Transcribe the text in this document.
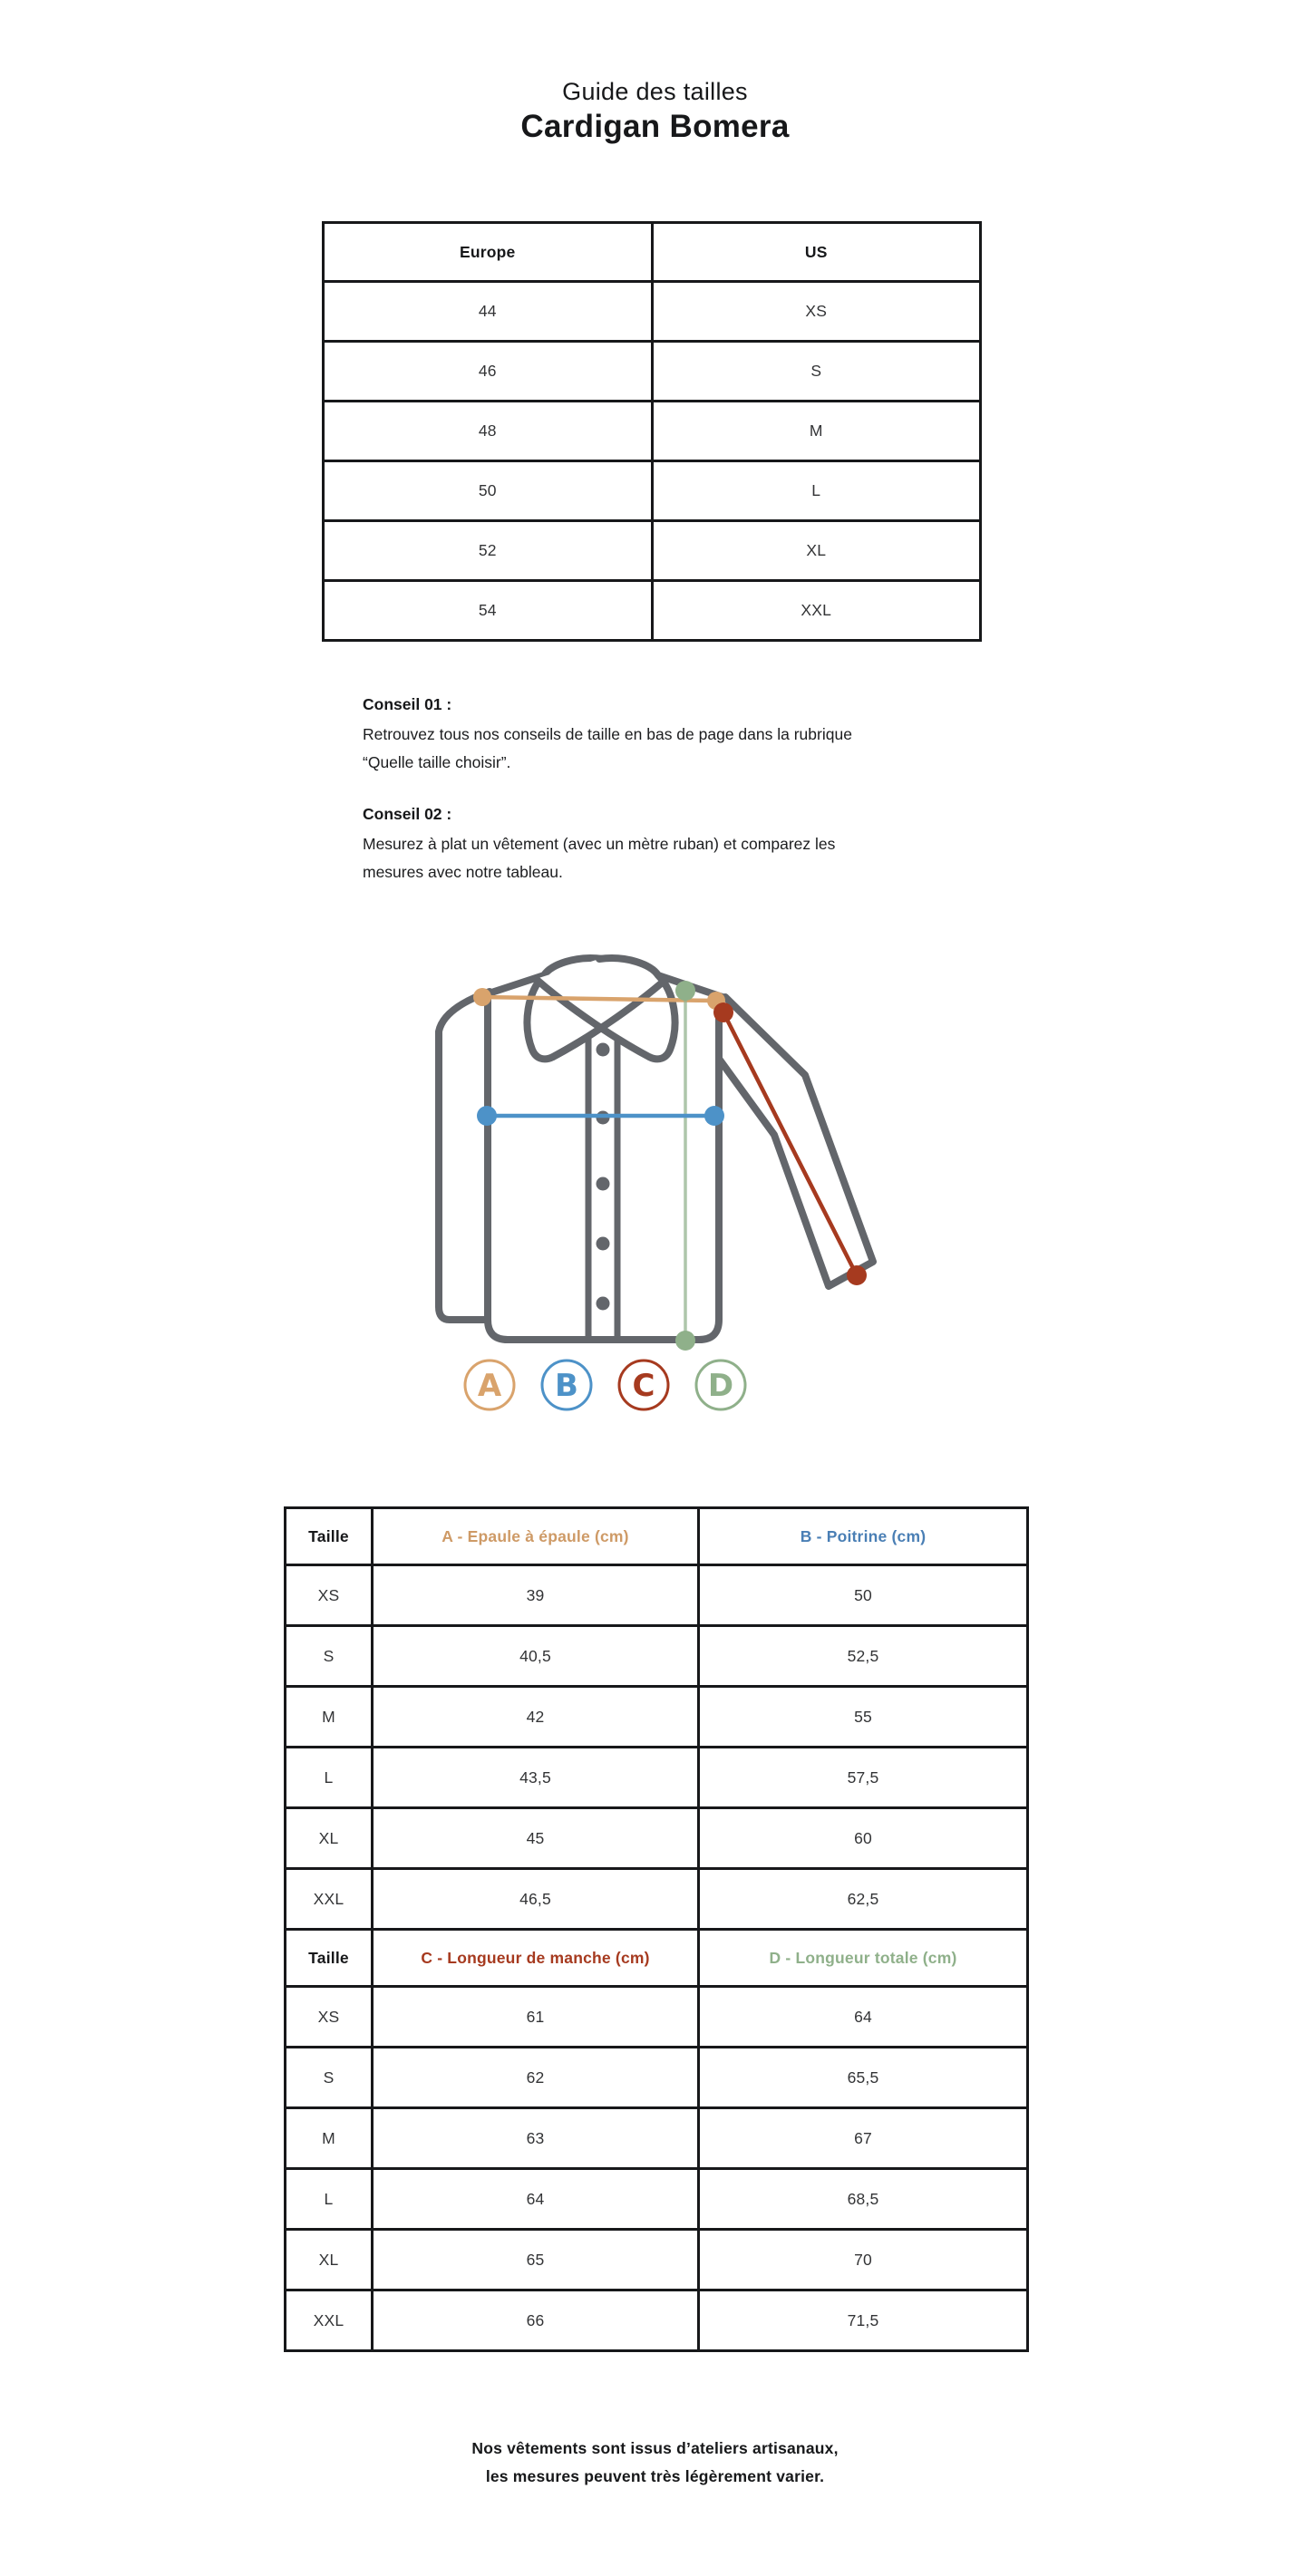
Guide des tailles
Cardigan Bomera
Europe	US
44	XS
46	S
48	M
50	L
52	XL
54	XXL

Conseil 01 :

Retrouvez tous nos conseils de taille en bas de page dans la rubrique “Quelle taille choisir”.

Conseil 02 :

Mesurez à plat un vêtement (avec un mètre ruban) et comparez les mesures avec notre tableau.

A B C D
Taille	A - Epaule à épaule (cm)	B - Poitrine (cm)
XS	39	50
S	40,5	52,5
M	42	55
L	43,5	57,5
XL	45	60
XXL	46,5	62,5
Taille	C - Longueur de manche (cm)	D - Longueur totale (cm)
XS	61	64
S	62	65,5
M	63	67
L	64	68,5
XL	65	70
XXL	66	71,5
Nos vêtements sont issus d’ateliers artisanaux,
les mesures peuvent très légèrement varier.
